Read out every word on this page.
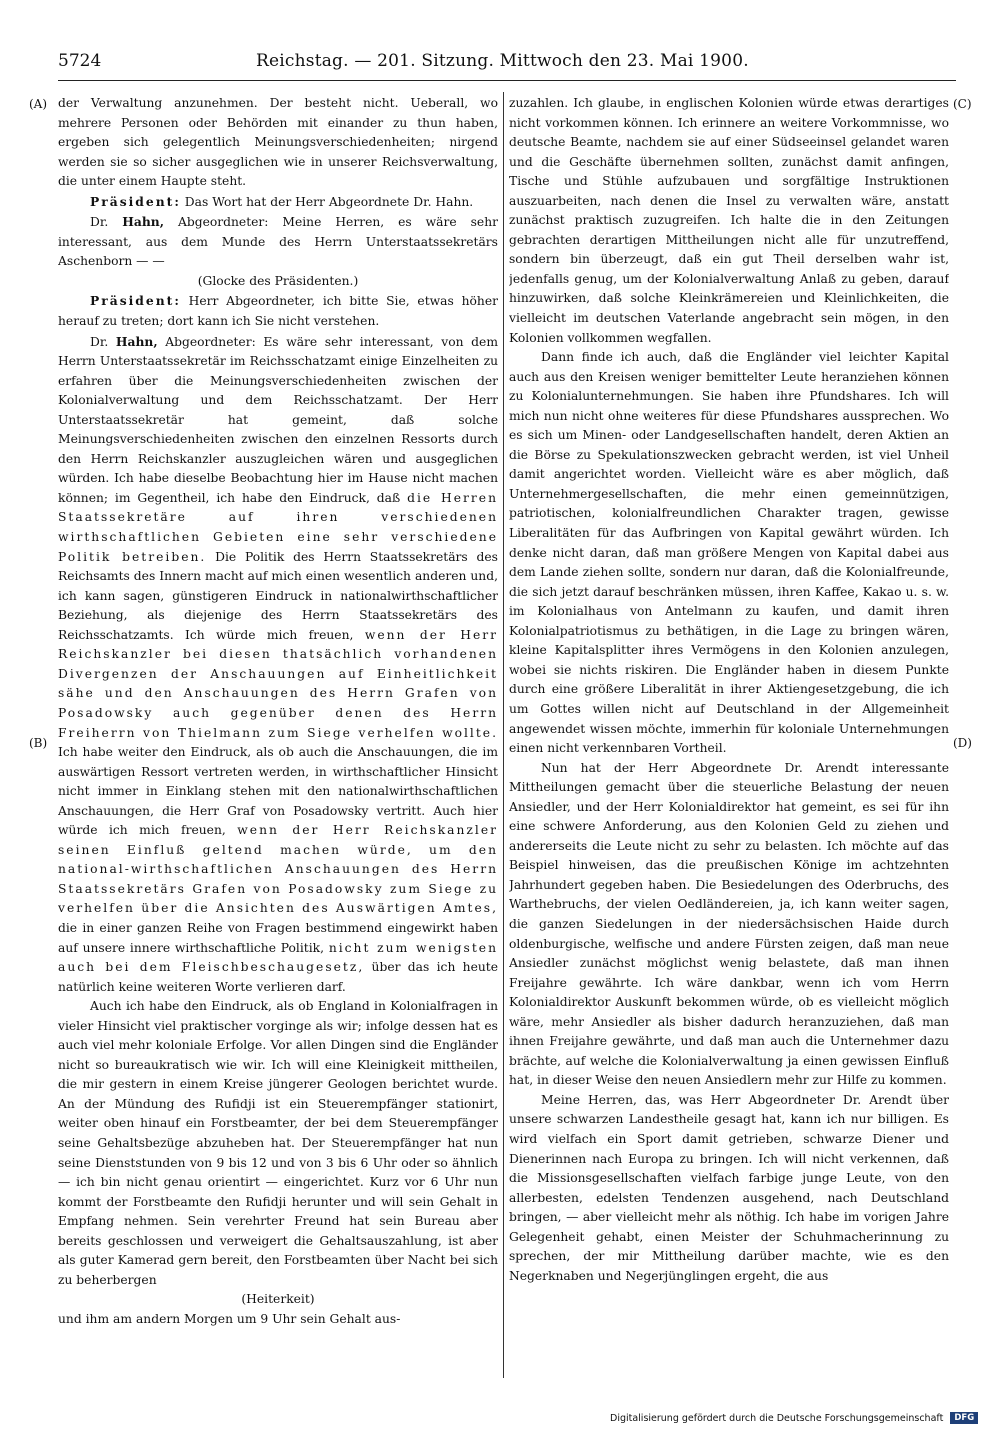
5724	Reichstag. — 201. Sitzung. Mittwoch den 23. Mai 1900.
(A)
(B)
(C)
(D)

der Verwaltung anzunehmen. Der besteht nicht. Ueberall, wo mehrere Personen oder Behörden mit einander zu thun haben, ergeben sich gelegentlich Meinungsverschiedenheiten; nirgend werden sie so sicher ausgeglichen wie in unserer Reichsverwaltung, die unter einem Haupte steht.

Präsident: Das Wort hat der Herr Abgeordnete Dr. Hahn.

Dr. Hahn, Abgeordneter: Meine Herren, es wäre sehr interessant, aus dem Munde des Herrn Unterstaatssekretärs Aschenborn — —

(Glocke des Präsidenten.)

Präsident: Herr Abgeordneter, ich bitte Sie, etwas höher herauf zu treten; dort kann ich Sie nicht verstehen.

Dr. Hahn, Abgeordneter: Es wäre sehr interessant, von dem Herrn Unterstaatssekretär im Reichsschatzamt einige Einzelheiten zu erfahren über die Meinungsverschiedenheiten zwischen der Kolonialverwaltung und dem Reichsschatzamt. Der Herr Unterstaatssekretär hat gemeint, daß solche Meinungsverschiedenheiten zwischen den einzelnen Ressorts durch den Herrn Reichskanzler auszugleichen wären und ausgeglichen würden. Ich habe dieselbe Beobachtung hier im Hause nicht machen können; im Gegentheil, ich habe den Eindruck, daß die Herren Staatssekretäre auf ihren verschiedenen wirthschaftlichen Gebieten eine sehr verschiedene Politik betreiben. Die Politik des Herrn Staatssekretärs des Reichsamts des Innern macht auf mich einen wesentlich anderen und, ich kann sagen, günstigeren Eindruck in nationalwirthschaftlicher Beziehung, als diejenige des Herrn Staatssekretärs des Reichsschatzamts. Ich würde mich freuen, wenn der Herr Reichskanzler bei diesen thatsächlich vorhandenen Divergenzen der Anschauungen auf Einheitlichkeit sähe und den Anschauungen des Herrn Grafen von Posadowsky auch gegenüber denen des Herrn Freiherrn von Thielmann zum Siege verhelfen wollte. Ich habe weiter den Eindruck, als ob auch die Anschauungen, die im auswärtigen Ressort vertreten werden, in wirthschaftlicher Hinsicht nicht immer in Einklang stehen mit den nationalwirthschaftlichen Anschauungen, die Herr Graf von Posadowsky vertritt. Auch hier würde ich mich freuen, wenn der Herr Reichskanzler seinen Einfluß geltend machen würde, um den national-wirthschaftlichen Anschauungen des Herrn Staatssekretärs Grafen von Posadowsky zum Siege zu verhelfen über die Ansichten des Auswärtigen Amtes, die in einer ganzen Reihe von Fragen bestimmend eingewirkt haben auf unsere innere wirthschaftliche Politik, nicht zum wenigsten auch bei dem Fleischbeschaugesetz, über das ich heute natürlich keine weiteren Worte verlieren darf.

Auch ich habe den Eindruck, als ob England in Kolonialfragen in vieler Hinsicht viel praktischer vorginge als wir; infolge dessen hat es auch viel mehr koloniale Erfolge. Vor allen Dingen sind die Engländer nicht so bureaukratisch wie wir. Ich will eine Kleinigkeit mittheilen, die mir gestern in einem Kreise jüngerer Geologen berichtet wurde. An der Mündung des Rufidji ist ein Steuerempfänger stationirt, weiter oben hinauf ein Forstbeamter, der bei dem Steuerempfänger seine Gehaltsbezüge abzuheben hat. Der Steuerempfänger hat nun seine Dienststunden von 9 bis 12 und von 3 bis 6 Uhr oder so ähnlich — ich bin nicht genau orientirt — eingerichtet. Kurz vor 6 Uhr nun kommt der Forstbeamte den Rufidji herunter und will sein Gehalt in Empfang nehmen. Sein verehrter Freund hat sein Bureau aber bereits geschlossen und verweigert die Gehaltsauszahlung, ist aber als guter Kamerad gern bereit, den Forstbeamten über Nacht bei sich zu beherbergen

(Heiterkeit)

und ihm am andern Morgen um 9 Uhr sein Gehalt aus-

zuzahlen. Ich glaube, in englischen Kolonien würde etwas derartiges nicht vorkommen können. Ich erinnere an weitere Vorkommnisse, wo deutsche Beamte, nachdem sie auf einer Südseeinsel gelandet waren und die Geschäfte übernehmen sollten, zunächst damit anfingen, Tische und Stühle aufzubauen und sorgfältige Instruktionen auszuarbeiten, nach denen die Insel zu verwalten wäre, anstatt zunächst praktisch zuzugreifen. Ich halte die in den Zeitungen gebrachten derartigen Mittheilungen nicht alle für unzutreffend, sondern bin überzeugt, daß ein gut Theil derselben wahr ist, jedenfalls genug, um der Kolonialverwaltung Anlaß zu geben, darauf hinzuwirken, daß solche Kleinkrämereien und Kleinlichkeiten, die vielleicht im deutschen Vaterlande angebracht sein mögen, in den Kolonien vollkommen wegfallen.

Dann finde ich auch, daß die Engländer viel leichter Kapital auch aus den Kreisen weniger bemittelter Leute heranziehen können zu Kolonialunternehmungen. Sie haben ihre Pfundshares. Ich will mich nun nicht ohne weiteres für diese Pfundshares aussprechen. Wo es sich um Minen- oder Landgesellschaften handelt, deren Aktien an die Börse zu Spekulationszwecken gebracht werden, ist viel Unheil damit angerichtet worden. Vielleicht wäre es aber möglich, daß Unternehmergesellschaften, die mehr einen gemeinnützigen, patriotischen, kolonialfreundlichen Charakter tragen, gewisse Liberalitäten für das Aufbringen von Kapital gewährt würden. Ich denke nicht daran, daß man größere Mengen von Kapital dabei aus dem Lande ziehen sollte, sondern nur daran, daß die Kolonialfreunde, die sich jetzt darauf beschränken müssen, ihren Kaffee, Kakao u. s. w. im Kolonialhaus von Antelmann zu kaufen, und damit ihren Kolonialpatriotismus zu bethätigen, in die Lage zu bringen wären, kleine Kapitalsplitter ihres Vermögens in den Kolonien anzulegen, wobei sie nichts riskiren. Die Engländer haben in diesem Punkte durch eine größere Liberalität in ihrer Aktiengesetzgebung, die ich um Gottes willen nicht auf Deutschland in der Allgemeinheit angewendet wissen möchte, immerhin für koloniale Unternehmungen einen nicht verkennbaren Vortheil.

Nun hat der Herr Abgeordnete Dr. Arendt interessante Mittheilungen gemacht über die steuerliche Belastung der neuen Ansiedler, und der Herr Kolonialdirektor hat gemeint, es sei für ihn eine schwere Anforderung, aus den Kolonien Geld zu ziehen und andererseits die Leute nicht zu sehr zu belasten. Ich möchte auf das Beispiel hinweisen, das die preußischen Könige im achtzehnten Jahrhundert gegeben haben. Die Besiedelungen des Oderbruchs, des Warthebruchs, der vielen Oedländereien, ja, ich kann weiter sagen, die ganzen Siedelungen in der niedersächsischen Haide durch oldenburgische, welfische und andere Fürsten zeigen, daß man neue Ansiedler zunächst möglichst wenig belastete, daß man ihnen Freijahre gewährte. Ich wäre dankbar, wenn ich vom Herrn Kolonialdirektor Auskunft bekommen würde, ob es vielleicht möglich wäre, mehr Ansiedler als bisher dadurch heranzuziehen, daß man ihnen Freijahre gewährte, und daß man auch die Unternehmer dazu brächte, auf welche die Kolonialverwaltung ja einen gewissen Einfluß hat, in dieser Weise den neuen Ansiedlern mehr zur Hilfe zu kommen.

Meine Herren, das, was Herr Abgeordneter Dr. Arendt über unsere schwarzen Landestheile gesagt hat, kann ich nur billigen. Es wird vielfach ein Sport damit getrieben, schwarze Diener und Dienerinnen nach Europa zu bringen. Ich will nicht verkennen, daß die Missionsgesellschaften vielfach farbige junge Leute, von den allerbesten, edelsten Tendenzen ausgehend, nach Deutschland bringen, — aber vielleicht mehr als nöthig. Ich habe im vorigen Jahre Gelegenheit gehabt, einen Meister der Schuhmacherinnung zu sprechen, der mir Mittheilung darüber machte, wie es den Negerknaben und Negerjünglingen ergeht, die aus

Digitalisierung gefördert durch die Deutsche Forschungsgemeinschaft DFG
